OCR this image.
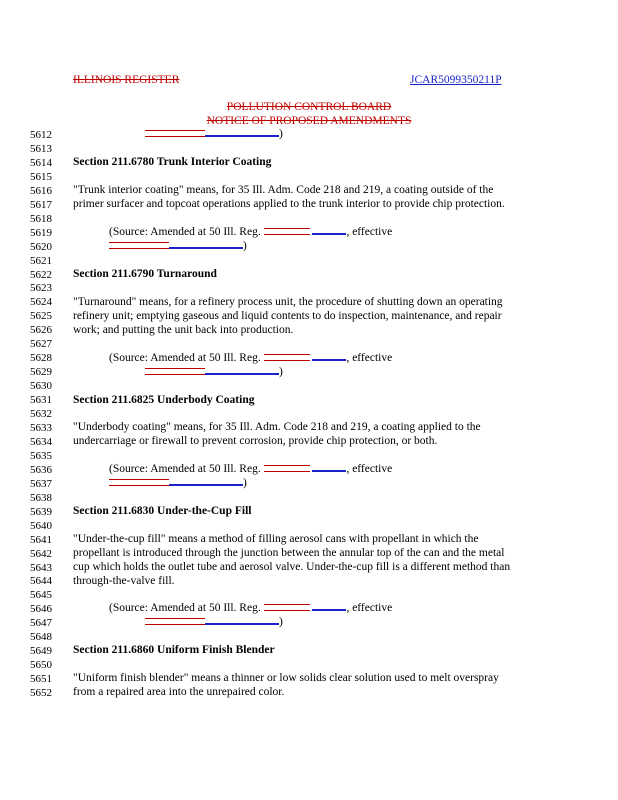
ILLINOIS REGISTER	JCAR5099350211P
POLLUTION CONTROL BOARD
NOTICE OF PROPOSED AMENDMENTS
5612
5613
5614
5615
5616
5617
5618
5619
5620
5621
5622
5623
5624
5625
5626
5627
5628
5629
5630
5631
5632
5633
5634
5635
5636
5637
5638
5639
5640
5641
5642
5643
5644
5645
5646
5647
5648
5649
5650
5651
5652
)
Section 211.6780 Trunk Interior Coating
"Trunk interior coating" means, for 35 Ill. Adm. Code 218 and 219, a coating outside of the
primer surfacer and topcoat operations applied to the trunk interior to provide chip protection.
(Source: Amended at 50 Ill. Reg.	, effective
)
Section 211.6790 Turnaround
"Turnaround" means, for a refinery process unit, the procedure of shutting down an operating
refinery unit; emptying gaseous and liquid contents to do inspection, maintenance, and repair
work; and putting the unit back into production.
(Source: Amended at 50 Ill. Reg.	, effective
)
Section 211.6825 Underbody Coating
"Underbody coating" means, for 35 Ill. Adm. Code 218 and 219, a coating applied to the
undercarriage or firewall to prevent corrosion, provide chip protection, or both.
(Source: Amended at 50 Ill. Reg.	, effective
)
Section 211.6830 Under-the-Cup Fill
"Under-the-cup fill" means a method of filling aerosol cans with propellant in which the
propellant is introduced through the junction between the annular top of the can and the metal
cup which holds the outlet tube and aerosol valve. Under-the-cup fill is a different method than
through-the-valve fill.
(Source: Amended at 50 Ill. Reg.	, effective
)
Section 211.6860 Uniform Finish Blender
"Uniform finish blender" means a thinner or low solids clear solution used to melt overspray
from a repaired area into the unrepaired color.
